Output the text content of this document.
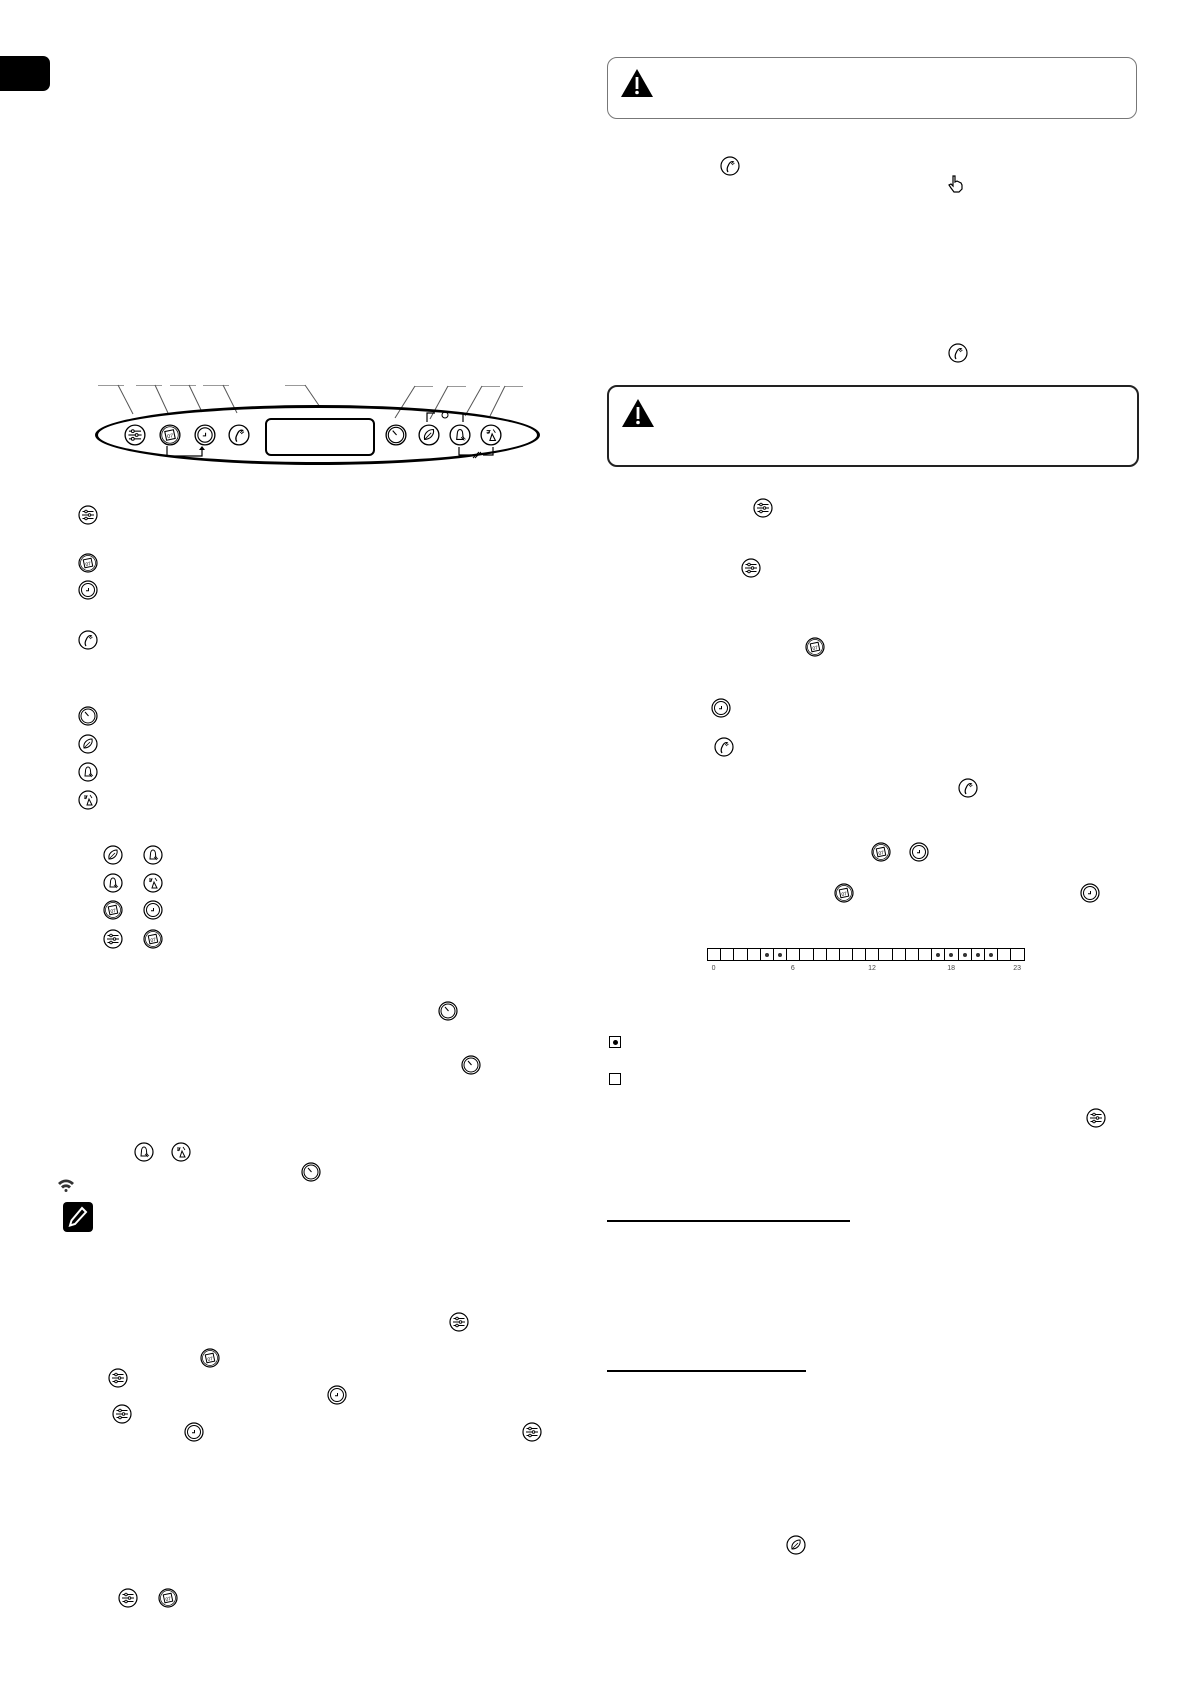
0	6	12	18	23
